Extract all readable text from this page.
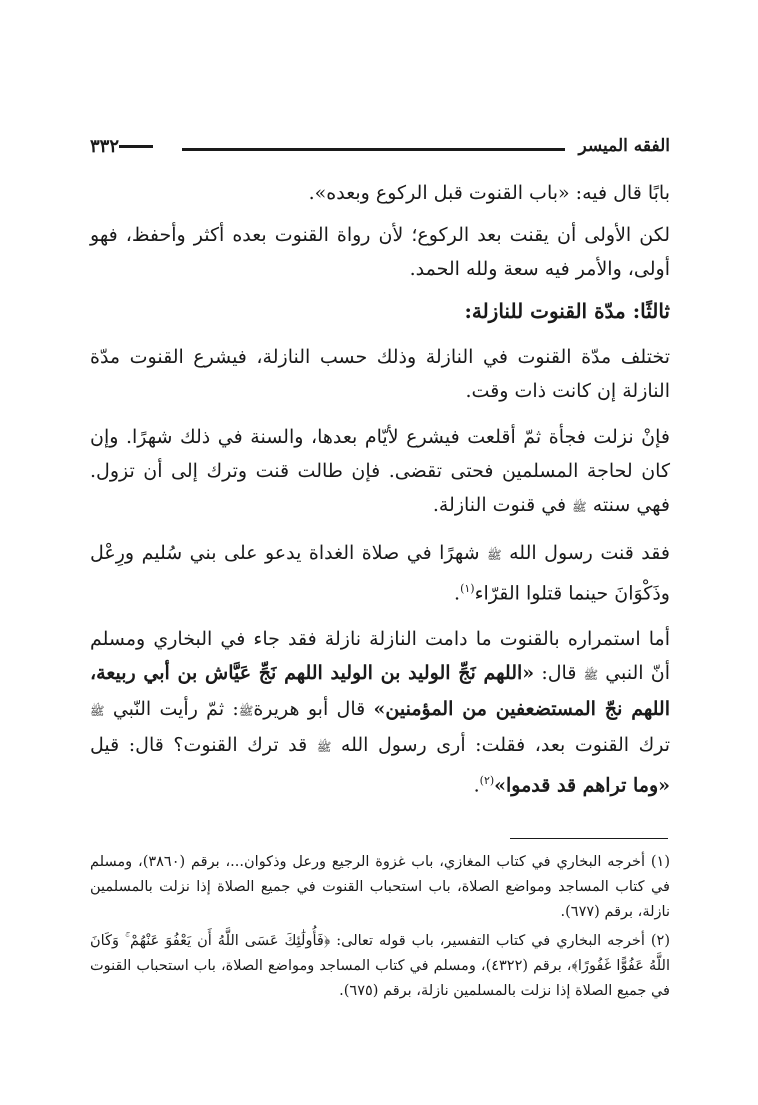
الفقه الميسر
٣٣٢

بابًا قال فيه: «باب القنوت قبل الركوع وبعده».

لكن الأولى أن يقنت بعد الركوع؛ لأن رواة القنوت بعده أكثر وأحفظ، فهو أولى، والأمر فيه سعة ولله الحمد.

ثالثًا: مدّة القنوت للنازلة:

تختلف مدّة القنوت في النازلة وذلك حسب النازلة، فيشرع القنوت مدّة النازلة إن كانت ذات وقت.

فإنْ نزلت فجأة ثمّ أقلعت فيشرع لأيّام بعدها، والسنة في ذلك شهرًا. وإن كان لحاجة المسلمين فحتى تقضى. فإن طالت قنت وترك إلى أن تزول. فهي سنته ﷺ في قنوت النازلة.

فقد قنت رسول الله ﷺ شهرًا في صلاة الغداة يدعو على بني سُليم ورِعْل وذَكْوَانَ حينما قتلوا القرّاء$^{(١)}$.

أما استمراره بالقنوت ما دامت النازلة نازلة فقد جاء في البخاري ومسلم أنّ النبي ﷺ قال: «اللهم نَجِّ الوليد بن الوليد اللهم نَجِّ عَيَّاش بن أبي ربيعة، اللهم نجّ المستضعفين من المؤمنين» قال أبو هريرةﷺ: ثمّ رأيت النّبي ﷺ ترك القنوت بعد، فقلت: أرى رسول الله ﷺ قد ترك القنوت؟ قال: قيل «وما تراهم قد قدموا»$^{(٢)}$.

(١) أخرجه البخاري في كتاب المغازي، باب غزوة الرجيع ورعل وذكوان...، برقم (٣٨٦٠)، ومسلم في كتاب المساجد ومواضع الصلاة، باب استحباب القنوت في جميع الصلاة إذا نزلت بالمسلمين نازلة، برقم (٦٧٧).

(٢) أخرجه البخاري في كتاب التفسير، باب قوله تعالى: ﴿فَأُولَٰئِكَ عَسَى اللَّهُ أَن يَعْفُوَ عَنْهُمْ ۚ وَكَانَ اللَّهُ عَفُوًّا غَفُورًا﴾، برقم (٤٣٢٢)، ومسلم في كتاب المساجد ومواضع الصلاة، باب استحباب القنوت في جميع الصلاة إذا نزلت بالمسلمين نازلة، برقم (٦٧٥).
